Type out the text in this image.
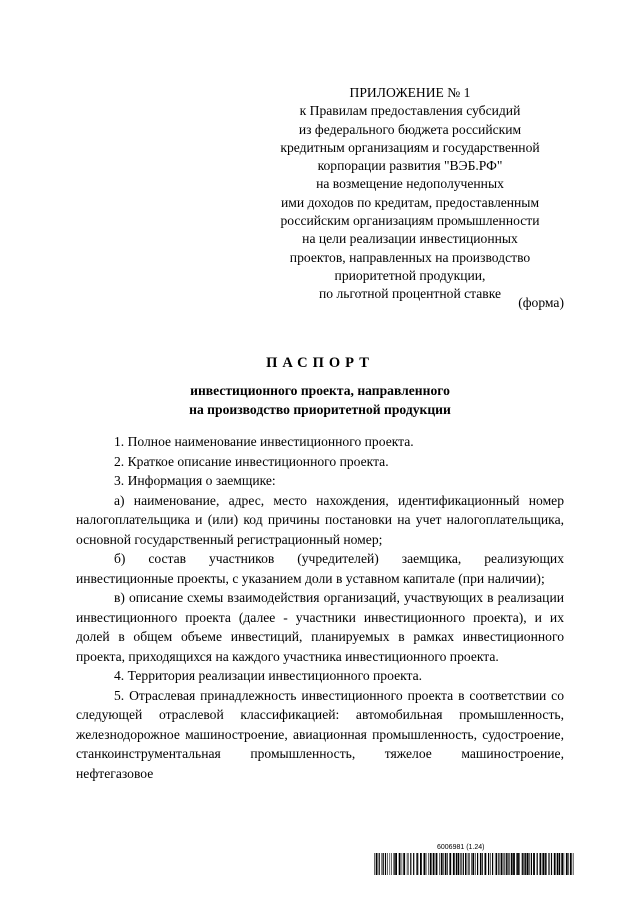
ПРИЛОЖЕНИЕ № 1
к Правилам предоставления субсидий
из федерального бюджета российским
кредитным организациям и государственной
корпорации развития "ВЭБ.РФ"
на возмещение недополученных
ими доходов по кредитам, предоставленным
российским организациям промышленности
на цели реализации инвестиционных
проектов, направленных на производство
приоритетной продукции,
по льготной процентной ставке
(форма)
ПАСПОРТ
инвестиционного проекта, направленного
на производство приоритетной продукции
1. Полное наименование инвестиционного проекта.
2. Краткое описание инвестиционного проекта.
3. Информация о заемщике:
а) наименование, адрес, место нахождения, идентификационный номер налогоплательщика и (или) код причины постановки на учет налогоплательщика, основной государственный регистрационный номер;
б) состав участников (учредителей) заемщика, реализующих инвестиционные проекты, с указанием доли в уставном капитале (при наличии);
в) описание схемы взаимодействия организаций, участвующих в реализации инвестиционного проекта (далее - участники инвестиционного проекта), и их долей в общем объеме инвестиций, планируемых в рамках инвестиционного проекта, приходящихся на каждого участника инвестиционного проекта.
4. Территория реализации инвестиционного проекта.
5. Отраслевая принадлежность инвестиционного проекта в соответствии со следующей отраслевой классификацией: автомобильная промышленность, железнодорожное машиностроение, авиационная промышленность, судостроение, станкоинструментальная промышленность, тяжелое машиностроение, нефтегазовое
6006981 (1.24)
